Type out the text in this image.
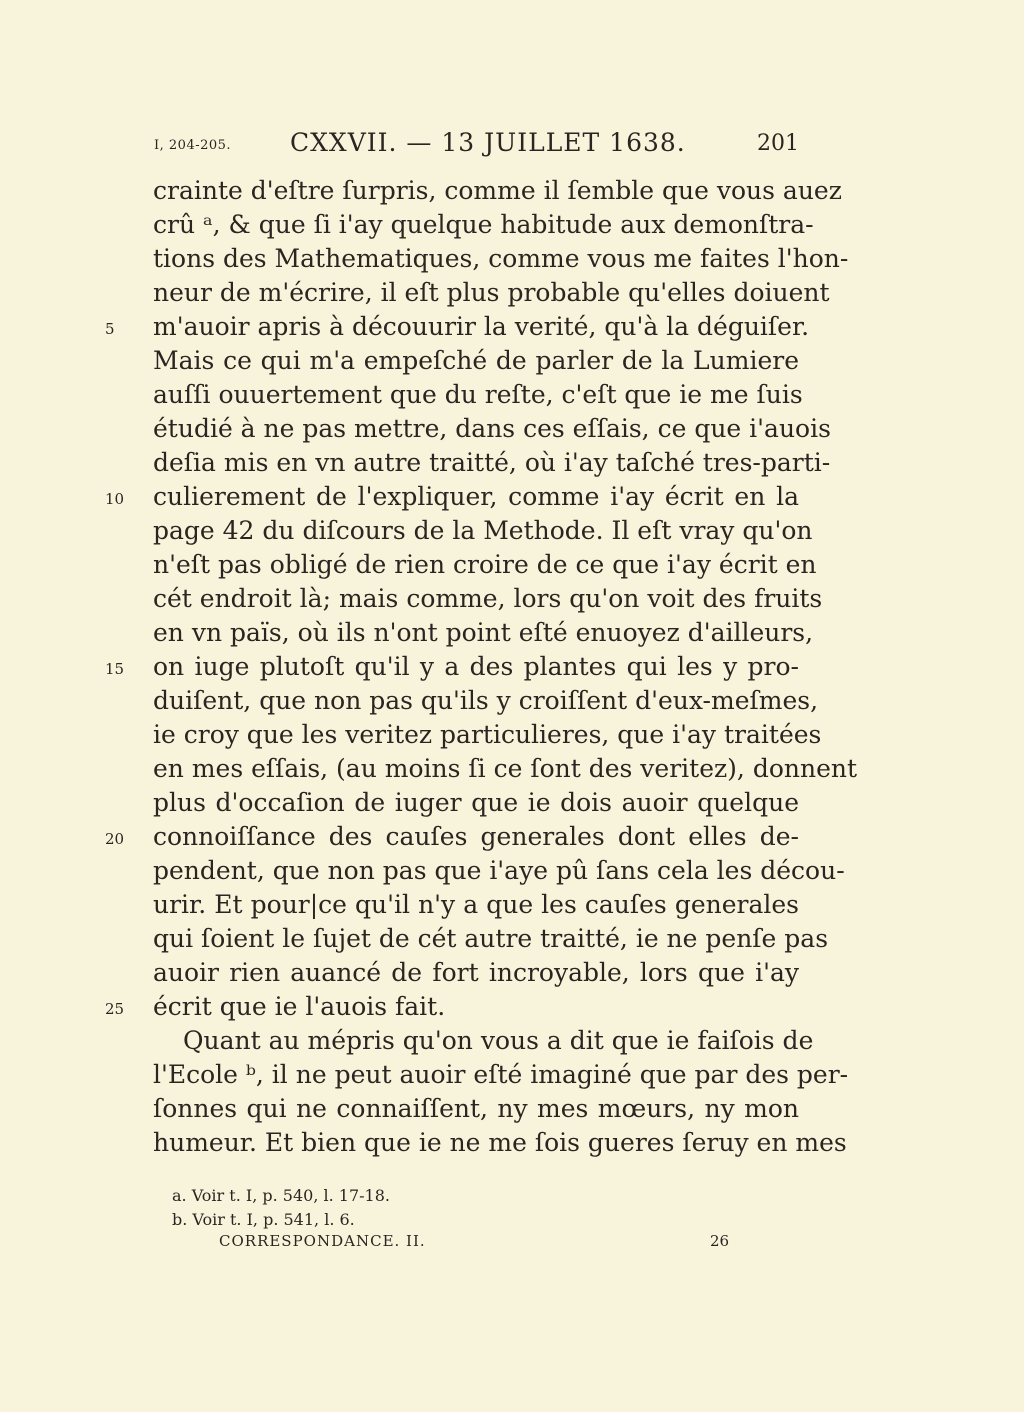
I, 204-205. CXXVII. — 13 JUILLET 1638.	201
crainte d'eſtre ſurpris, comme il ſemble que vous auez
crû ᵃ, & que ſi i'ay quelque habitude aux demonſtra-
tions des Mathematiques, comme vous me faites l'hon-
neur de m'écrire, il eſt plus probable qu'elles doiuent
5	m'auoir apris à découurir la verité, qu'à la déguiſer.
Mais ce qui m'a empeſché de parler de la Lumiere
auſſi ouuertement que du reſte, c'eſt que ie me ſuis
étudié à ne pas mettre, dans ces eſſais, ce que i'auois
deſia mis en vn autre traitté, où i'ay taſché tres-parti-
10	culierement de l'expliquer, comme i'ay écrit en la
page 42 du diſcours de la Methode. Il eſt vray qu'on
n'eſt pas obligé de rien croire de ce que i'ay écrit en
cét endroit là; mais comme, lors qu'on voit des fruits
en vn païs, où ils n'ont point eſté enuoyez d'ailleurs,
15	on iuge plutoſt qu'il y a des plantes qui les y pro-
duiſent, que non pas qu'ils y croiſſent d'eux-meſmes,
ie croy que les veritez particulieres, que i'ay traitées
en mes eſſais, (au moins ſi ce ſont des veritez), donnent
plus d'occaſion de iuger que ie dois auoir quelque
20	connoiſſance des cauſes generales dont elles de-
pendent, que non pas que i'aye pû ſans cela les décou-
urir. Et pour|ce qu'il n'y a que les cauſes generales
qui ſoient le ſujet de cét autre traitté, ie ne penſe pas
auoir rien auancé de fort incroyable, lors que i'ay
25	écrit que ie l'auois fait.
Quant au mépris qu'on vous a dit que ie faiſois de
l'Ecole ᵇ, il ne peut auoir eſté imaginé que par des per-
ſonnes qui ne connaiſſent, ny mes mœurs, ny mon
humeur. Et bien que ie ne me ſois gueres ſeruy en mes
a. Voir t. I, p. 540, l. 17-18.
b. Voir t. I, p. 541, l. 6.
CORRESPONDANCE. II.	26
